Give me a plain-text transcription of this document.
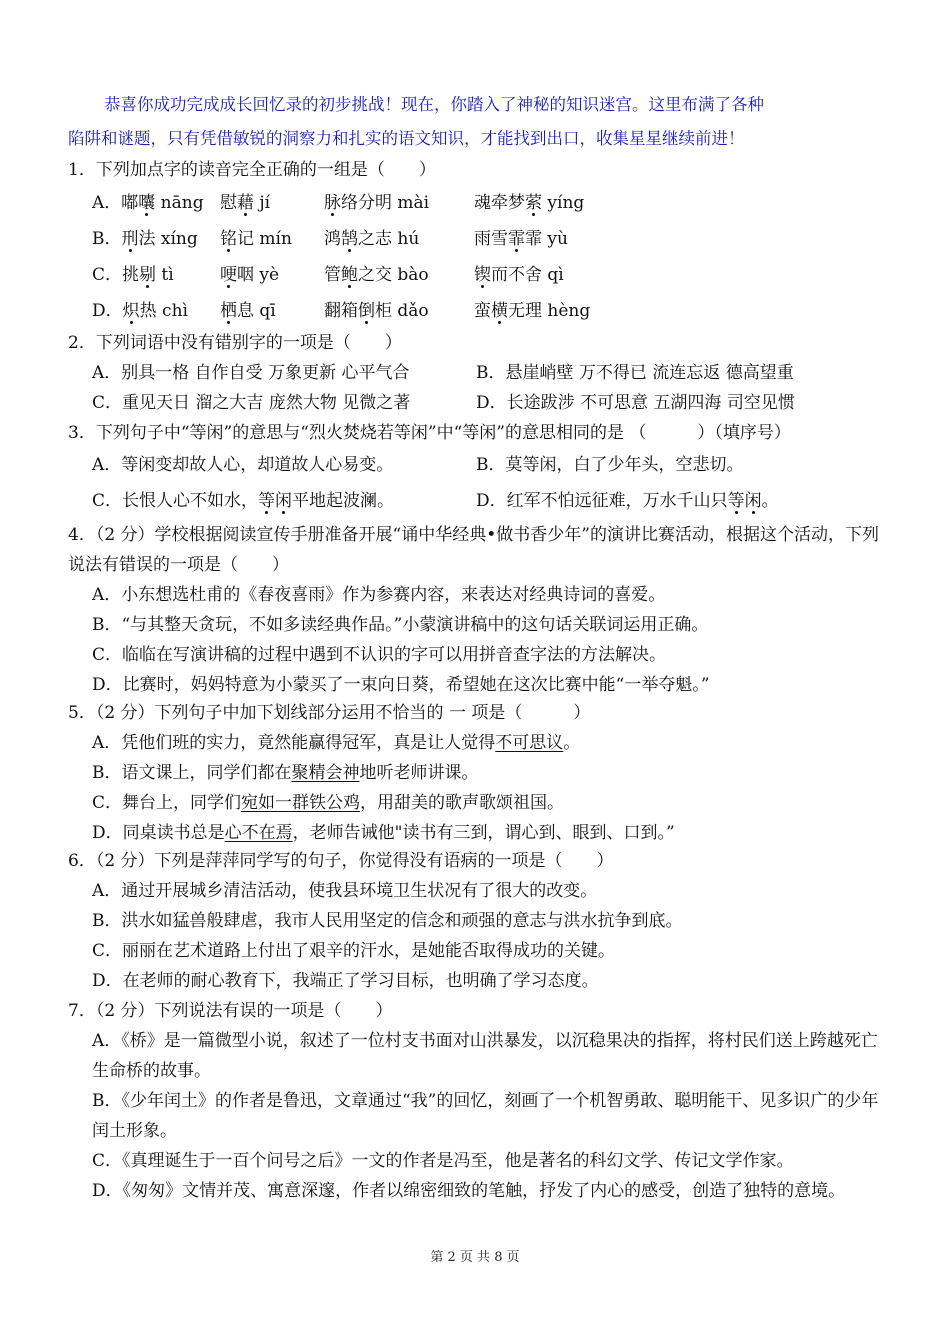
恭喜你成功完成成长回忆录的初步挑战！现在，你踏入了神秘的知识迷宫。这里布满了各种

陷阱和谜题，只有凭借敏锐的洞察力和扎实的语文知识，才能找到出口，收集星星继续前进！
1．下列加点字的读音完全正确的一组是（　　）
A．嘟囔 nāng 慰藉 jí	脉络分明 mài	魂牵梦萦 yíng
B．刑法 xíng	铭记 mín	鸿鹄之志 hú	雨雪霏霏 yù
C．挑剔 tì	哽咽 yè	管鲍之交 bào	锲而不舍 qì
D．炽热 chì	栖息 qī	翻箱倒柜 dǎo	蛮横无理 hèng
2．下列词语中没有错别字的一项是（　　）
A．别具一格 自作自受 万象更新 心平气合	B．悬崖峭壁 万不得已 流连忘返 德高望重
C．重见天日 溜之大吉 庞然大物 见微之著	D．长途跋涉 不可思意 五湖四海 司空见惯
3．下列句子中“等闲”的意思与“烈火焚烧若等闲”中“等闲”的意思相同的是 （　　　）（填序号）
A．等闲变却故人心，却道故人心易变。	B．莫等闲，白了少年头，空悲切。
C．长恨人心不如水，等闲平地起波澜。	D．红军不怕远征难，万水千山只等闲。
4．（2 分）学校根据阅读宣传手册准备开展“诵中华经典•做书香少年”的演讲比赛活动，根据这个活动，下列说法有错误的一项是（　　）
A．小东想选杜甫的《春夜喜雨》作为参赛内容，来表达对经典诗词的喜爱。
B．“与其整天贪玩，不如多读经典作品。”小蒙演讲稿中的这句话关联词运用正确。
C．临临在写演讲稿的过程中遇到不认识的字可以用拼音查字法的方法解决。
D．比赛时，妈妈特意为小蒙买了一束向日葵，希望她在这次比赛中能“一举夺魁。”
5．（2 分）下列句子中加下划线部分运用不恰当的 一 项是（　　　）
A．凭他们班的实力，竟然能赢得冠军，真是让人觉得不可思议。
B．语文课上，同学们都在聚精会神地听老师讲课。
C．舞台上，同学们宛如一群铁公鸡，用甜美的歌声歌颂祖国。
D．同桌读书总是心不在焉，老师告诫他"读书有三到，谓心到、眼到、口到。”
6．（2 分）下列是萍萍同学写的句子，你觉得没有语病的一项是（　　）
A．通过开展城乡清洁活动，使我县环境卫生状况有了很大的改变。
B．洪水如猛兽般肆虐，我市人民用坚定的信念和顽强的意志与洪水抗争到底。
C．丽丽在艺术道路上付出了艰辛的汗水，是她能否取得成功的关键。
D．在老师的耐心教育下，我端正了学习目标，也明确了学习态度。
7．（2 分）下列说法有误的一项是（　　）
A．《桥》是一篇微型小说，叙述了一位村支书面对山洪暴发，以沉稳果决的指挥，将村民们送上跨越死亡生命桥的故事。
B．《少年闰土》的作者是鲁迅，文章通过“我”的回忆，刻画了一个机智勇敢、聪明能干、见多识广的少年闰土形象。
C．《真理诞生于一百个问号之后》一文的作者是冯至，他是著名的科幻文学、传记文学作家。
D．《匆匆》文情并茂、寓意深邃，作者以绵密细致的笔触，抒发了内心的感受，创造了独特的意境。
第 2 页 共 8 页
